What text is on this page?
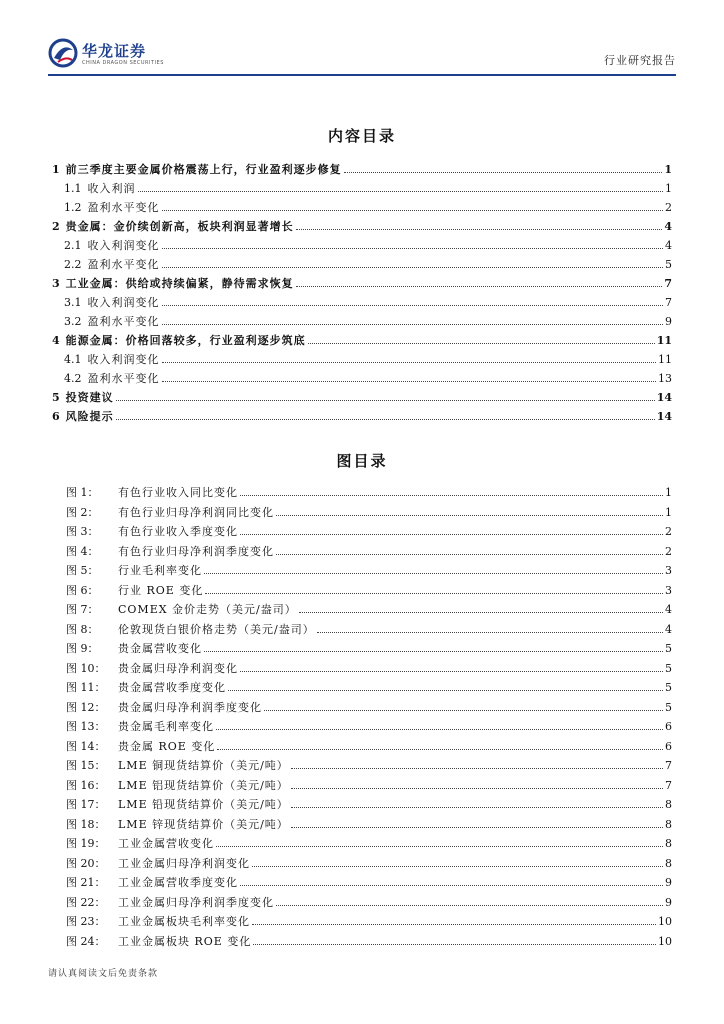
华龙证券
CHINA DRAGON SECURITIES	行业研究报告
内容目录
1 前三季度主要金属价格震荡上行，行业盈利逐步修复	1
1.1 收入利润	1
1.2 盈利水平变化	2
2 贵金属：金价续创新高，板块利润显著增长	4
2.1 收入利润变化	4
2.2 盈利水平变化	5
3 工业金属：供给或持续偏紧，静待需求恢复	7
3.1 收入利润变化	7
3.2 盈利水平变化	9
4 能源金属：价格回落较多，行业盈利逐步筑底	11
4.1 收入利润变化	11
4.2 盈利水平变化	13
5 投资建议	14
6 风险提示	14
图目录
图 1：	有色行业收入同比变化	1
图 2：	有色行业归母净利润同比变化	1
图 3：	有色行业收入季度变化	2
图 4：	有色行业归母净利润季度变化	2
图 5：	行业毛利率变化	3
图 6：	行业 ROE 变化	3
图 7：	COMEX 金价走势（美元/盎司）	4
图 8：	伦敦现货白银价格走势（美元/盎司）	4
图 9：	贵金属营收变化	5
图 10：	贵金属归母净利润变化	5
图 11：	贵金属营收季度变化	5
图 12：	贵金属归母净利润季度变化	5
图 13：	贵金属毛利率变化	6
图 14：	贵金属 ROE 变化	6
图 15：	LME 铜现货结算价（美元/吨）	7
图 16：	LME 铝现货结算价（美元/吨）	7
图 17：	LME 铅现货结算价（美元/吨）	8
图 18：	LME 锌现货结算价（美元/吨）	8
图 19：	工业金属营收变化	8
图 20：	工业金属归母净利润变化	8
图 21：	工业金属营收季度变化	9
图 22：	工业金属归母净利润季度变化	9
图 23：	工业金属板块毛利率变化	10
图 24：	工业金属板块 ROE 变化	10
请认真阅读文后免责条款
